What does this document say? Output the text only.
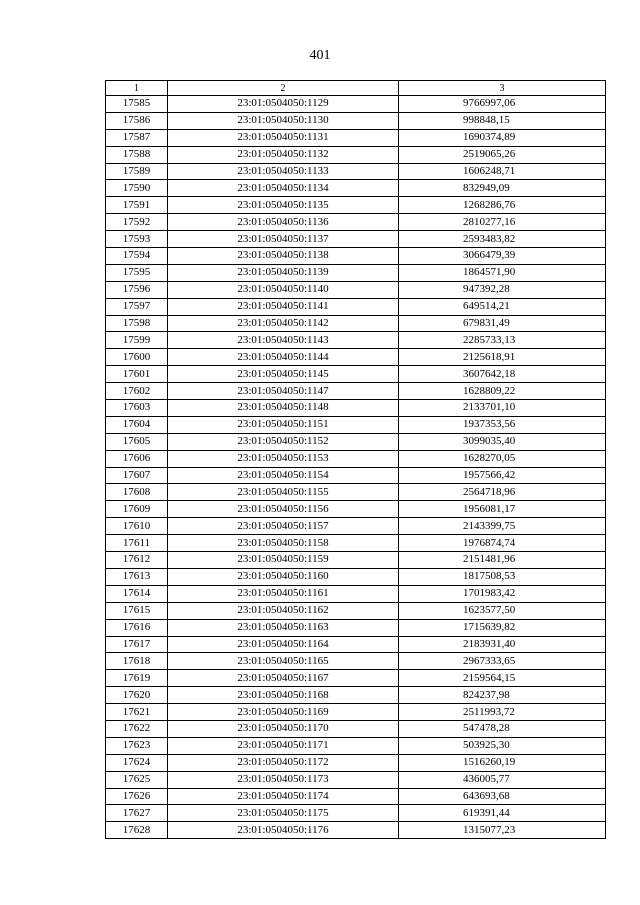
401
1	2	3
17585	23:01:0504050:1129	9766997,06
17586	23:01:0504050:1130	998848,15
17587	23:01:0504050:1131	1690374,89
17588	23:01:0504050:1132	2519065,26
17589	23:01:0504050:1133	1606248,71
17590	23:01:0504050:1134	832949,09
17591	23:01:0504050:1135	1268286,76
17592	23:01:0504050:1136	2810277,16
17593	23:01:0504050:1137	2593483,82
17594	23:01:0504050:1138	3066479,39
17595	23:01:0504050:1139	1864571,90
17596	23:01:0504050:1140	947392,28
17597	23:01:0504050:1141	649514,21
17598	23:01:0504050:1142	679831,49
17599	23:01:0504050:1143	2285733,13
17600	23:01:0504050:1144	2125618,91
17601	23:01:0504050:1145	3607642,18
17602	23:01:0504050:1147	1628809,22
17603	23:01:0504050:1148	2133701,10
17604	23:01:0504050:1151	1937353,56
17605	23:01:0504050:1152	3099035,40
17606	23:01:0504050:1153	1628270,05
17607	23:01:0504050:1154	1957566,42
17608	23:01:0504050:1155	2564718,96
17609	23:01:0504050:1156	1956081,17
17610	23:01:0504050:1157	2143399,75
17611	23:01:0504050:1158	1976874,74
17612	23:01:0504050:1159	2151481,96
17613	23:01:0504050:1160	1817508,53
17614	23:01:0504050:1161	1701983,42
17615	23:01:0504050:1162	1623577,50
17616	23:01:0504050:1163	1715639,82
17617	23:01:0504050:1164	2183931,40
17618	23:01:0504050:1165	2967333,65
17619	23:01:0504050:1167	2159564,15
17620	23:01:0504050:1168	824237,98
17621	23:01:0504050:1169	2511993,72
17622	23:01:0504050:1170	547478,28
17623	23:01:0504050:1171	503925,30
17624	23:01:0504050:1172	1516260,19
17625	23:01:0504050:1173	436005,77
17626	23:01:0504050:1174	643693,68
17627	23:01:0504050:1175	619391,44
17628	23:01:0504050:1176	1315077,23
